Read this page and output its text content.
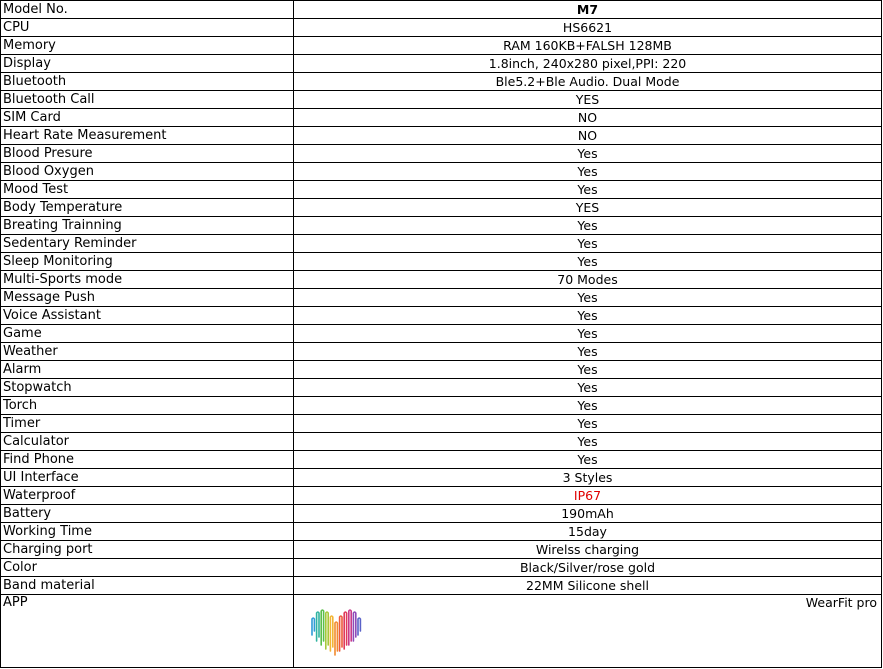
Model No.	M7
CPU	HS6621
Memory	RAM 160KB+FALSH 128MB
Display	1.8inch, 240x280 pixel,PPI: 220
Bluetooth	Ble5.2+Ble Audio. Dual Mode
Bluetooth Call	YES
SIM Card	NO
Heart Rate Measurement	NO
Blood Presure	Yes
Blood Oxygen	Yes
Mood Test	Yes
Body Temperature	YES
Breating Trainning	Yes
Sedentary Reminder	Yes
Sleep Monitoring	Yes
Multi-Sports mode	70 Modes
Message Push	Yes
Voice Assistant	Yes
Game	Yes
Weather	Yes
Alarm	Yes
Stopwatch	Yes
Torch	Yes
Timer	Yes
Calculator	Yes
Find Phone	Yes
UI Interface	3 Styles
Waterproof	IP67
Battery	190mAh
Working Time	15day
Charging port	Wirelss charging
Color	Black/Silver/rose gold
Band material	22MM Silicone shell
APP	WearFit pro
